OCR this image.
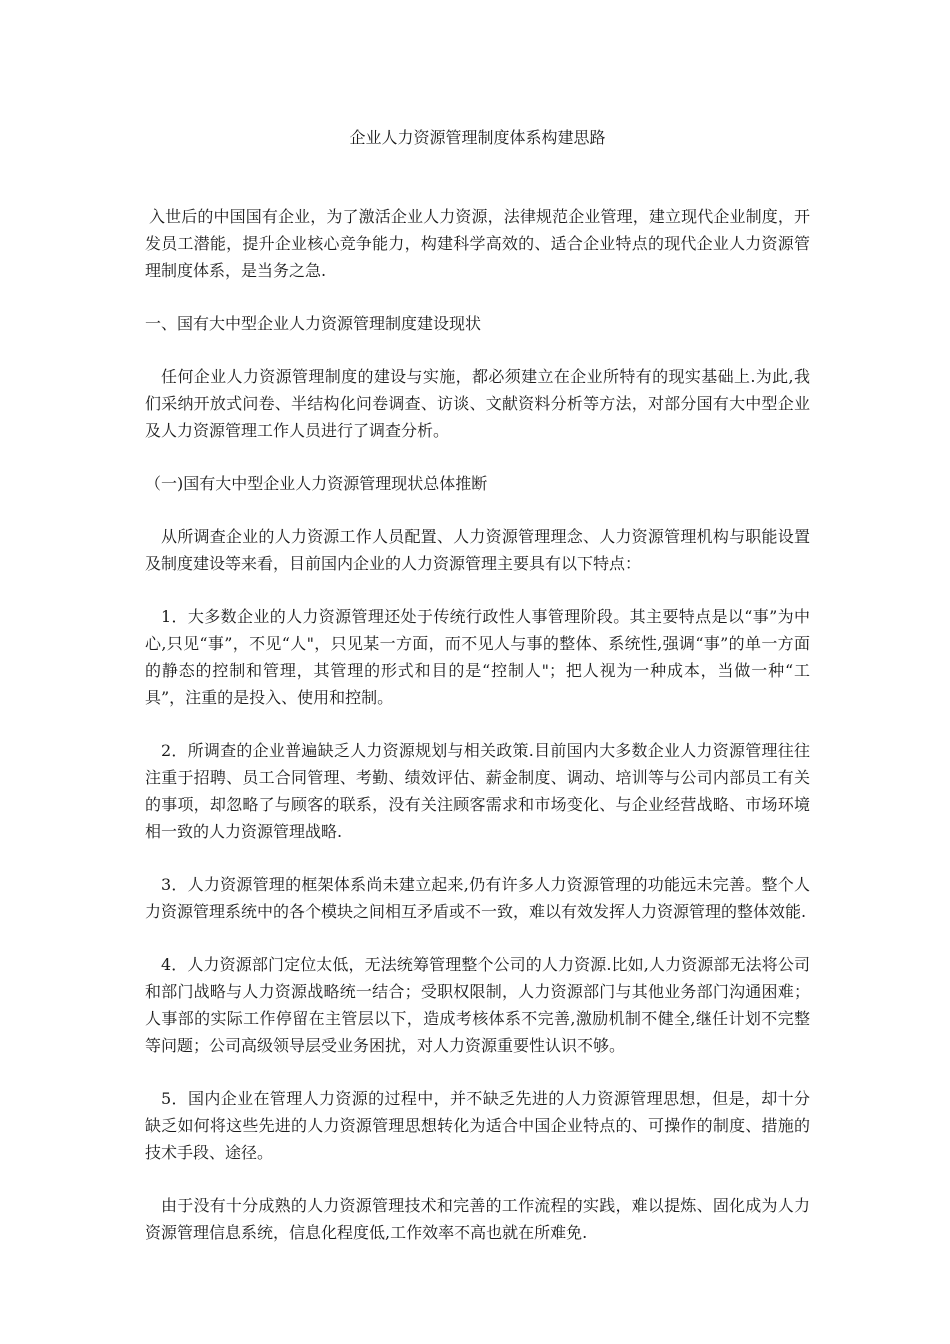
企业人力资源管理制度体系构建思路

入世后的中国国有企业，为了激活企业人力资源，法律规范企业管理，建立现代企业制度，开发员工潜能，提升企业核心竞争能力，构建科学高效的、适合企业特点的现代企业人力资源管理制度体系，是当务之急.

一、国有大中型企业人力资源管理制度建设现状

任何企业人力资源管理制度的建设与实施，都必须建立在企业所特有的现实基础上.为此,我们采纳开放式问卷、半结构化问卷调查、访谈、文献资料分析等方法，对部分国有大中型企业及人力资源管理工作人员进行了调查分析。

（一)国有大中型企业人力资源管理现状总体推断

从所调查企业的人力资源工作人员配置、人力资源管理理念、人力资源管理机构与职能设置及制度建设等来看，目前国内企业的人力资源管理主要具有以下特点：

1．大多数企业的人力资源管理还处于传统行政性人事管理阶段。其主要特点是以“事”为中心,只见“事”，不见“人"，只见某一方面，而不见人与事的整体、系统性,强调“事”的单一方面的静态的控制和管理，其管理的形式和目的是“控制人"；把人视为一种成本，当做一种“工具”，注重的是投入、使用和控制。

2．所调查的企业普遍缺乏人力资源规划与相关政策.目前国内大多数企业人力资源管理往往注重于招聘、员工合同管理、考勤、绩效评估、薪金制度、调动、培训等与公司内部员工有关的事项，却忽略了与顾客的联系，没有关注顾客需求和市场变化、与企业经营战略、市场环境相一致的人力资源管理战略.

3．人力资源管理的框架体系尚未建立起来,仍有许多人力资源管理的功能远未完善。整个人力资源管理系统中的各个模块之间相互矛盾或不一致，难以有效发挥人力资源管理的整体效能.

4．人力资源部门定位太低，无法统筹管理整个公司的人力资源.比如,人力资源部无法将公司和部门战略与人力资源战略统一结合；受职权限制，人力资源部门与其他业务部门沟通困难；人事部的实际工作停留在主管层以下，造成考核体系不完善,激励机制不健全,继任计划不完整等问题；公司高级领导层受业务困扰，对人力资源重要性认识不够。

5．国内企业在管理人力资源的过程中，并不缺乏先进的人力资源管理思想，但是，却十分缺乏如何将这些先进的人力资源管理思想转化为适合中国企业特点的、可操作的制度、措施的技术手段、途径。

由于没有十分成熟的人力资源管理技术和完善的工作流程的实践，难以提炼、固化成为人力资源管理信息系统，信息化程度低,工作效率不高也就在所难免.
